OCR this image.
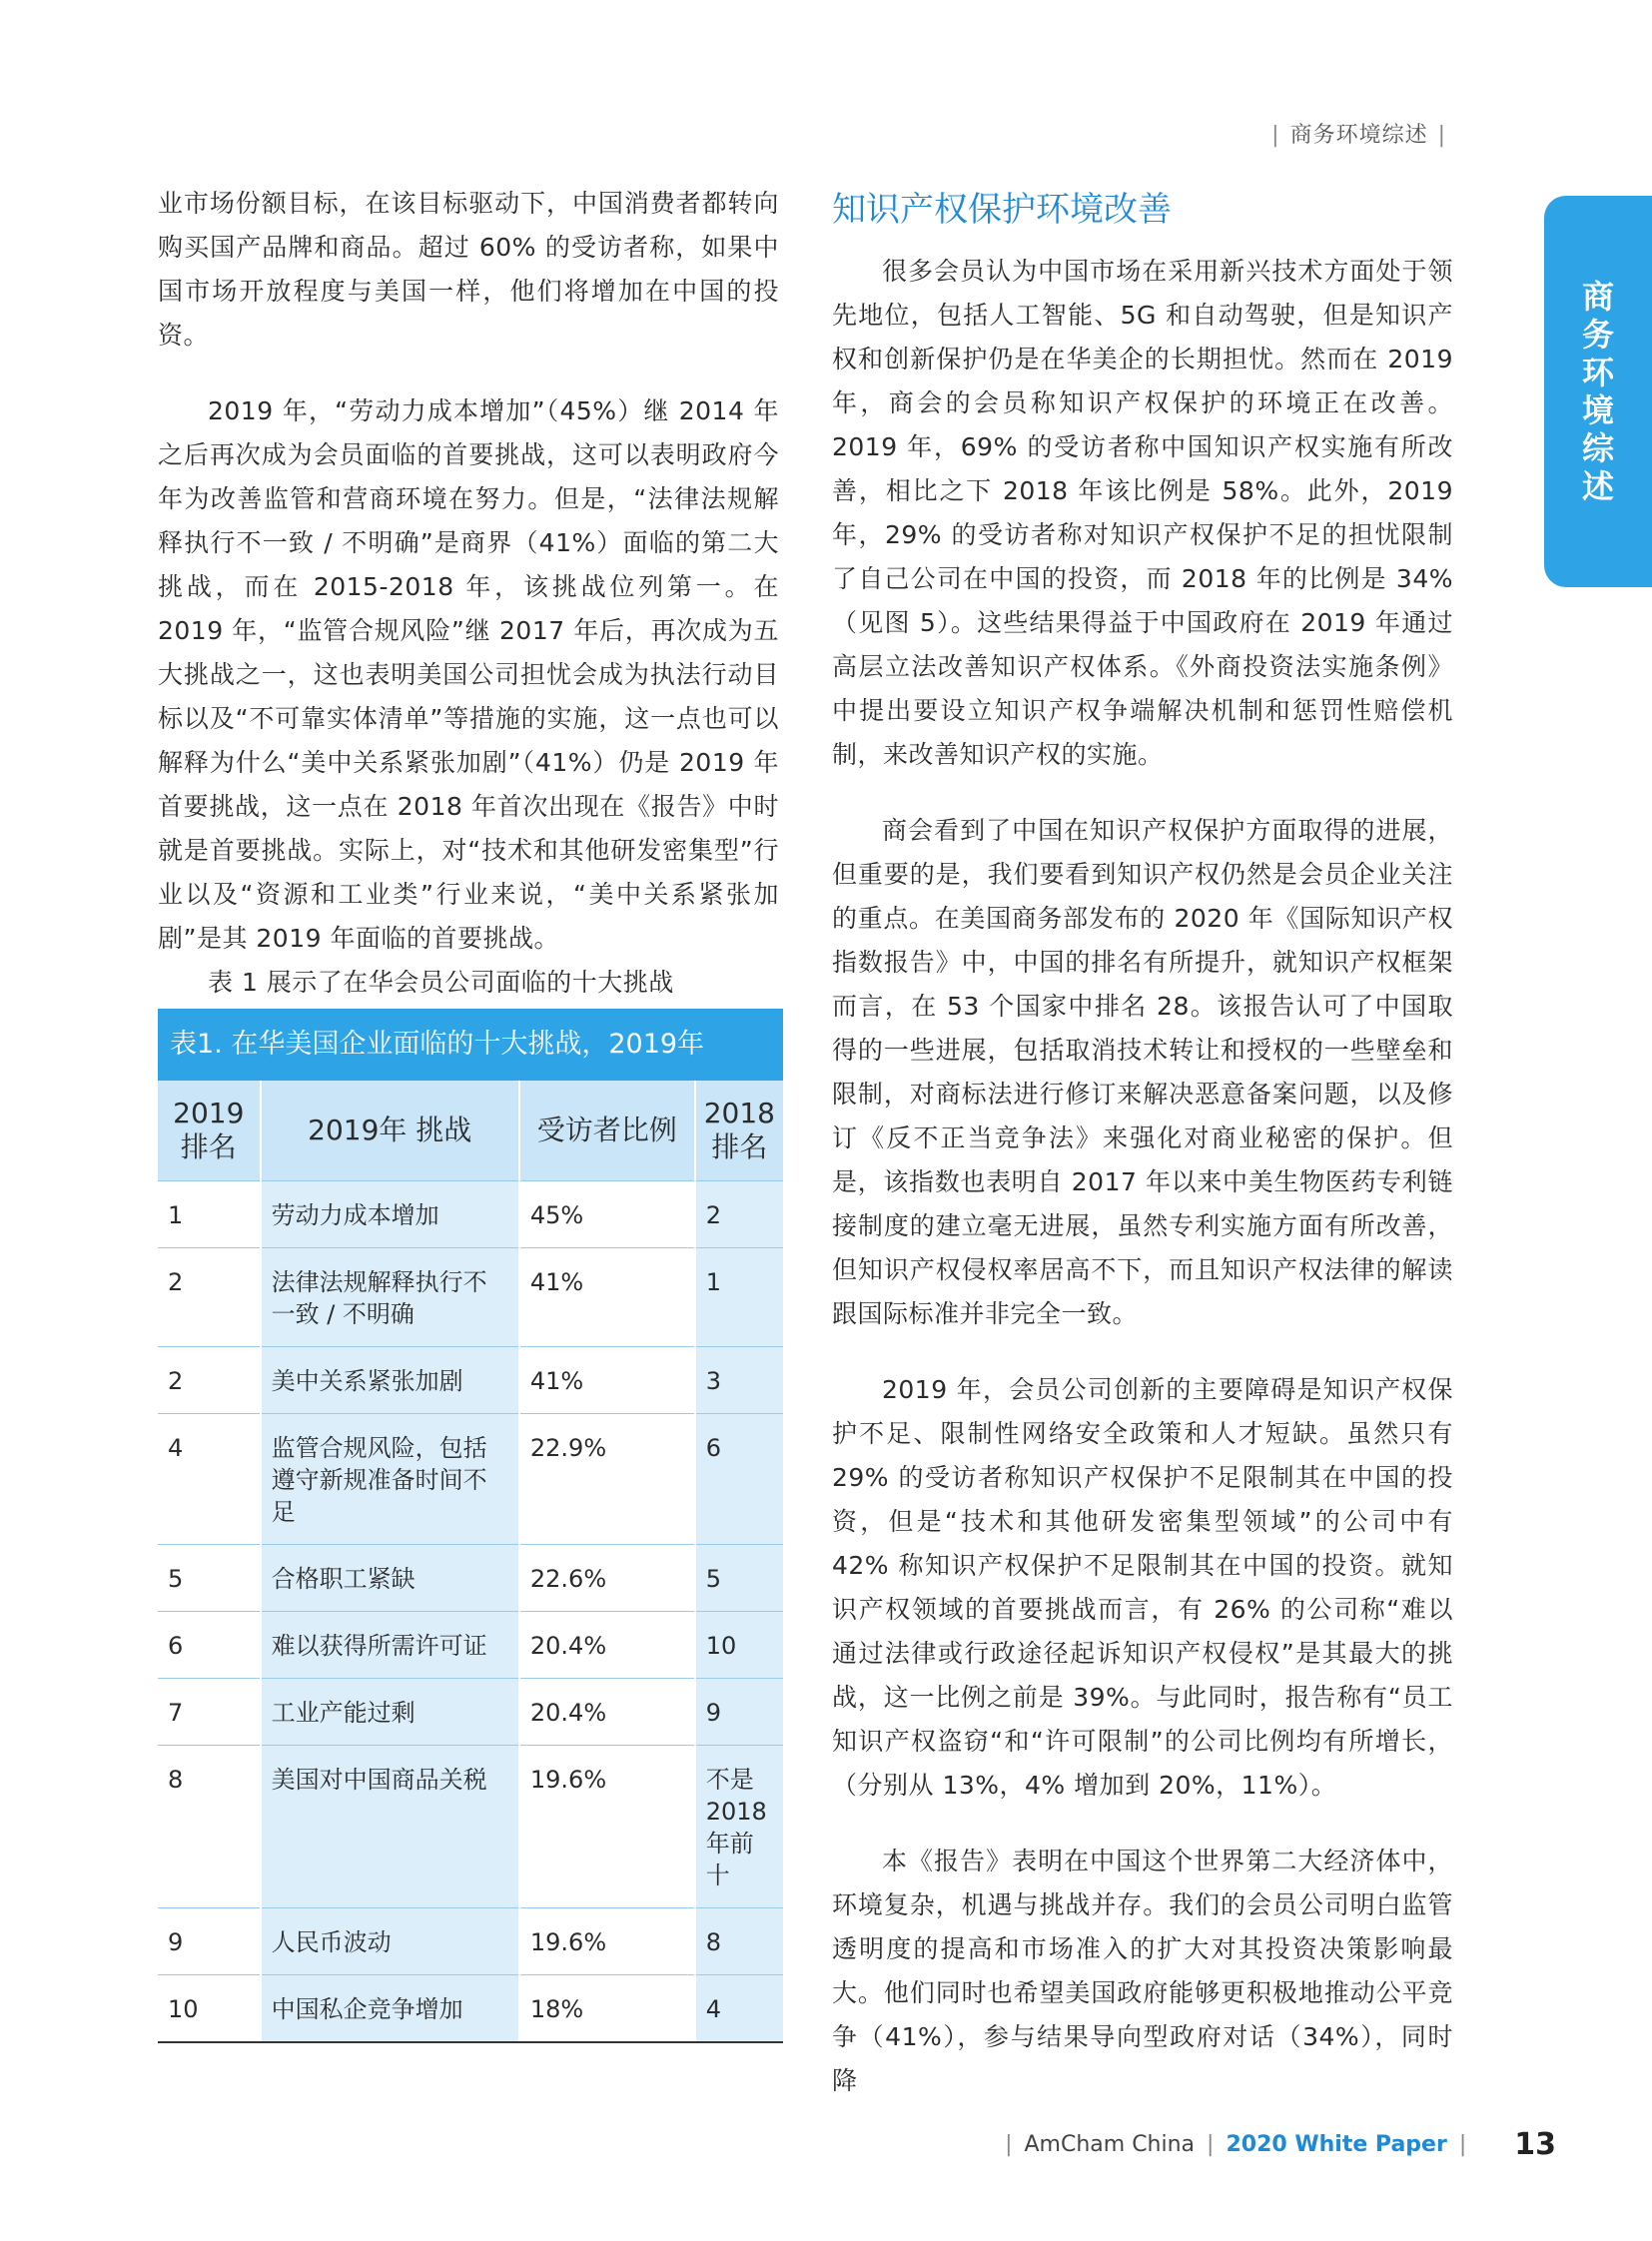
| 商务环境综述 |
商
务
环
境
综
述

业市场份额目标，在该目标驱动下，中国消费者都转向购买国产品牌和商品。超过 60% 的受访者称，如果中国市场开放程度与美国一样，他们将增加在中国的投资。

2019 年，“劳动力成本增加”（45%）继 2014 年之后再次成为会员面临的首要挑战，这可以表明政府今年为改善监管和营商环境在努力。但是，“法律法规解释执行不一致 / 不明确”是商界（41%）面临的第二大挑战，而在 2015-2018 年，该挑战位列第一。在 2019 年，“监管合规风险”继 2017 年后，再次成为五大挑战之一，这也表明美国公司担忧会成为执法行动目标以及“不可靠实体清单”等措施的实施，这一点也可以解释为什么“美中关系紧张加剧”（41%）仍是 2019 年首要挑战，这一点在 2018 年首次出现在《报告》中时就是首要挑战。实际上，对“技术和其他研发密集型”行业以及“资源和工业类”行业来说，“美中关系紧张加剧”是其 2019 年面临的首要挑战。

表 1 展示了在华会员公司面临的十大挑战

表1. 在华美国企业面临的十大挑战，2019年
2019 排名	2019年 挑战	受访者比例	2018 排名
1	劳动力成本增加	45%	2
2	法律法规解释执行不一致 / 不明确	41%	1
2	美中关系紧张加剧	41%	3
4	监管合规风险，包括遵守新规准备时间不足	22.9%	6
5	合格职工紧缺	22.6%	5
6	难以获得所需许可证	20.4%	10
7	工业产能过剩	20.4%	9
8	美国对中国商品关税	19.6%	不是2018年前十
9	人民币波动	19.6%	8
10	中国私企竞争增加	18%	4
知识产权保护环境改善

很多会员认为中国市场在采用新兴技术方面处于领先地位，包括人工智能、5G 和自动驾驶，但是知识产权和创新保护仍是在华美企的长期担忧。然而在 2019 年，商会的会员称知识产权保护的环境正在改善。2019 年，69% 的受访者称中国知识产权实施有所改善，相比之下 2018 年该比例是 58%。此外，2019 年，29% 的受访者称对知识产权保护不足的担忧限制了自己公司在中国的投资，而 2018 年的比例是 34%（见图 5）。这些结果得益于中国政府在 2019 年通过高层立法改善知识产权体系。《外商投资法实施条例》中提出要设立知识产权争端解决机制和惩罚性赔偿机制，来改善知识产权的实施。

商会看到了中国在知识产权保护方面取得的进展，但重要的是，我们要看到知识产权仍然是会员企业关注的重点。在美国商务部发布的 2020 年《国际知识产权指数报告》中，中国的排名有所提升，就知识产权框架而言，在 53 个国家中排名 28。该报告认可了中国取得的一些进展，包括取消技术转让和授权的一些壁垒和限制，对商标法进行修订来解决恶意备案问题，以及修订《反不正当竞争法》来强化对商业秘密的保护。但是，该指数也表明自 2017 年以来中美生物医药专利链接制度的建立毫无进展，虽然专利实施方面有所改善，但知识产权侵权率居高不下，而且知识产权法律的解读跟国际标准并非完全一致。

2019 年，会员公司创新的主要障碍是知识产权保护不足、限制性网络安全政策和人才短缺。虽然只有 29% 的受访者称知识产权保护不足限制其在中国的投资，但是“技术和其他研发密集型领域”的公司中有 42% 称知识产权保护不足限制其在中国的投资。就知识产权领域的首要挑战而言，有 26% 的公司称“难以通过法律或行政途径起诉知识产权侵权”是其最大的挑战，这一比例之前是 39%。与此同时，报告称有“员工知识产权盗窃“和“许可限制”的公司比例均有所增长，（分别从 13%，4% 增加到 20%，11%）。

本《报告》表明在中国这个世界第二大经济体中，环境复杂，机遇与挑战并存。我们的会员公司明白监管透明度的提高和市场准入的扩大对其投资决策影响最大。他们同时也希望美国政府能够更积极地推动公平竞争（41%），参与结果导向型政府对话（34%），同时降

| AmCham China | 2020 White Paper | 13
